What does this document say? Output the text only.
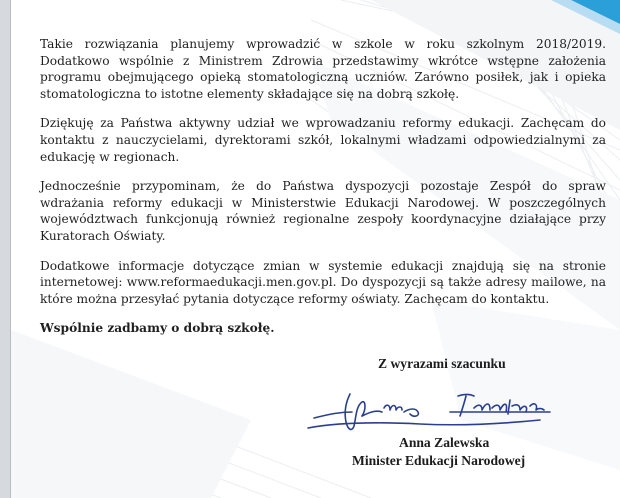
Takie rozwiązania planujemy wprowadzić w szkole w roku szkolnym 2018/2019. Dodatkowo wspólnie z Ministrem Zdrowia przedstawimy wkrótce wstępne założenia programu obejmującego opieką stomatologiczną uczniów. Zarówno posiłek, jak i opieka stomatologiczna to istotne elementy składające się na dobrą szkołę.

Dziękuję za Państwa aktywny udział we wprowadzaniu reformy edukacji. Zachęcam do kontaktu z nauczycielami, dyrektorami szkół, lokalnymi władzami odpowiedzialnymi za edukację w regionach.

Jednocześnie przypominam, że do Państwa dyspozycji pozostaje Zespół do spraw wdrażania reformy edukacji w Ministerstwie Edukacji Narodowej. W poszczególnych województwach funkcjonują również regionalne zespoły koordynacyjne działające przy Kuratorach Oświaty.

Dodatkowe informacje dotyczące zmian w systemie edukacji znajdują się na stronie internetowej: www.reformaedukacji.men.gov.pl. Do dyspozycji są także adresy mailowe, na które można przesyłać pytania dotyczące reformy oświaty. Zachęcam do kontaktu.

Wspólnie zadbamy o dobrą szkołę.

Z wyrazami szacunku
Anna Zalewska
Minister Edukacji Narodowej
